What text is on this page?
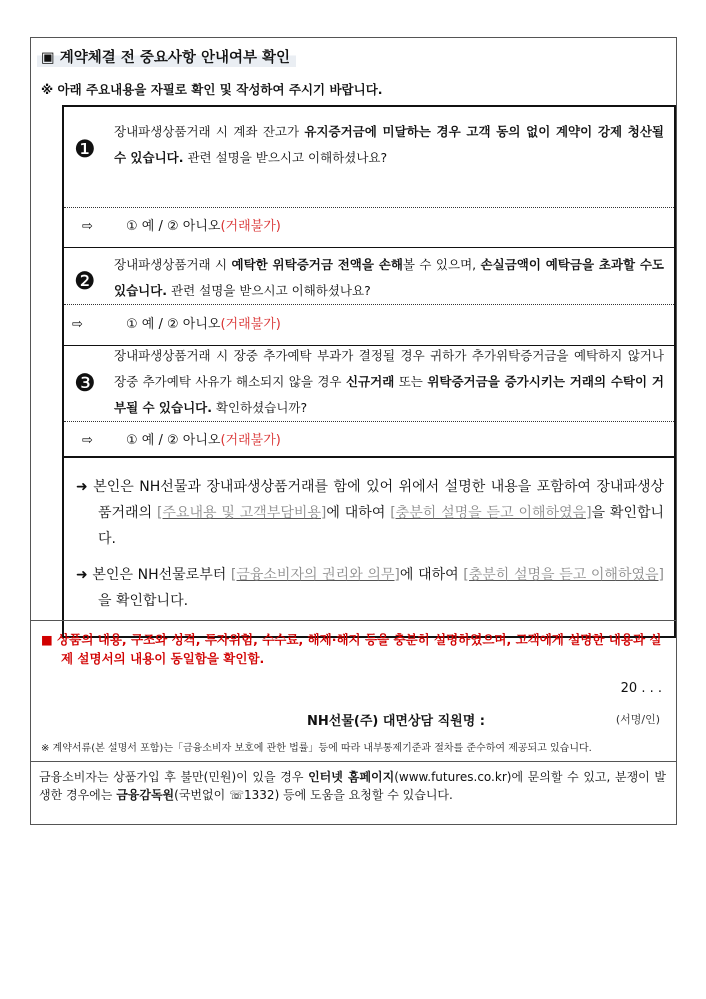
▣ 계약체결 전 중요사항 안내여부 확인
※ 아래 주요내용을 자필로 확인 및 작성하여 주시기 바랍니다.
❶
장내파생상품거래 시 계좌 잔고가 유지증거금에 미달하는 경우 고객 동의 없이 계약이 강제 청산될 수 있습니다. 관련 설명을 받으시고 이해하셨나요?
⇨	① 예 / ② 아니오(거래불가)
❷
장내파생상품거래 시 예탁한 위탁증거금 전액을 손해볼 수 있으며, 손실금액이 예탁금을 초과할 수도 있습니다. 관련 설명을 받으시고 이해하셨나요?
⇨	① 예 / ② 아니오(거래불가)
❸
장내파생상품거래 시 장중 추가예탁 부과가 결정될 경우 귀하가 추가위탁증거금을 예탁하지 않거나 장중 추가예탁 사유가 해소되지 않을 경우 신규거래 또는 위탁증거금을 증가시키는 거래의 수탁이 거부될 수 있습니다. 확인하셨습니까?
⇨	① 예 / ② 아니오(거래불가)
➜ 본인은 NH선물과 장내파생상품거래를 함에 있어 위에서 설명한 내용을 포함하여 장내파생상품거래의 [주요내용 및 고객부담비용]에 대하여 [충분히 설명을 듣고 이해하였음]을 확인합니다.
➜ 본인은 NH선물로부터 [금융소비자의 권리와 의무]에 대하여 [충분히 설명을 듣고 이해하였음]을 확인합니다.
■ 상품의 내용, 구조와 성격, 투자위험, 수수료, 해제·해지 등을 충분히 설명하였으며, 고객에게 설명한 내용과 실제 설명서의 내용이 동일함을 확인함.
20 . . .
NH선물(주) 대면상담 직원명 :	(서명/인)
※ 계약서류(본 설명서 포함)는「금융소비자 보호에 관한 법률」등에 따라 내부통제기준과 절차를 준수하여 제공되고 있습니다.
금융소비자는 상품가입 후 불만(민원)이 있을 경우 인터넷 홈페이지(www.futures.co.kr)에 문의할 수 있고, 분쟁이 발생한 경우에는 금융감독원(국번없이 ☏1332) 등에 도움을 요청할 수 있습니다.
